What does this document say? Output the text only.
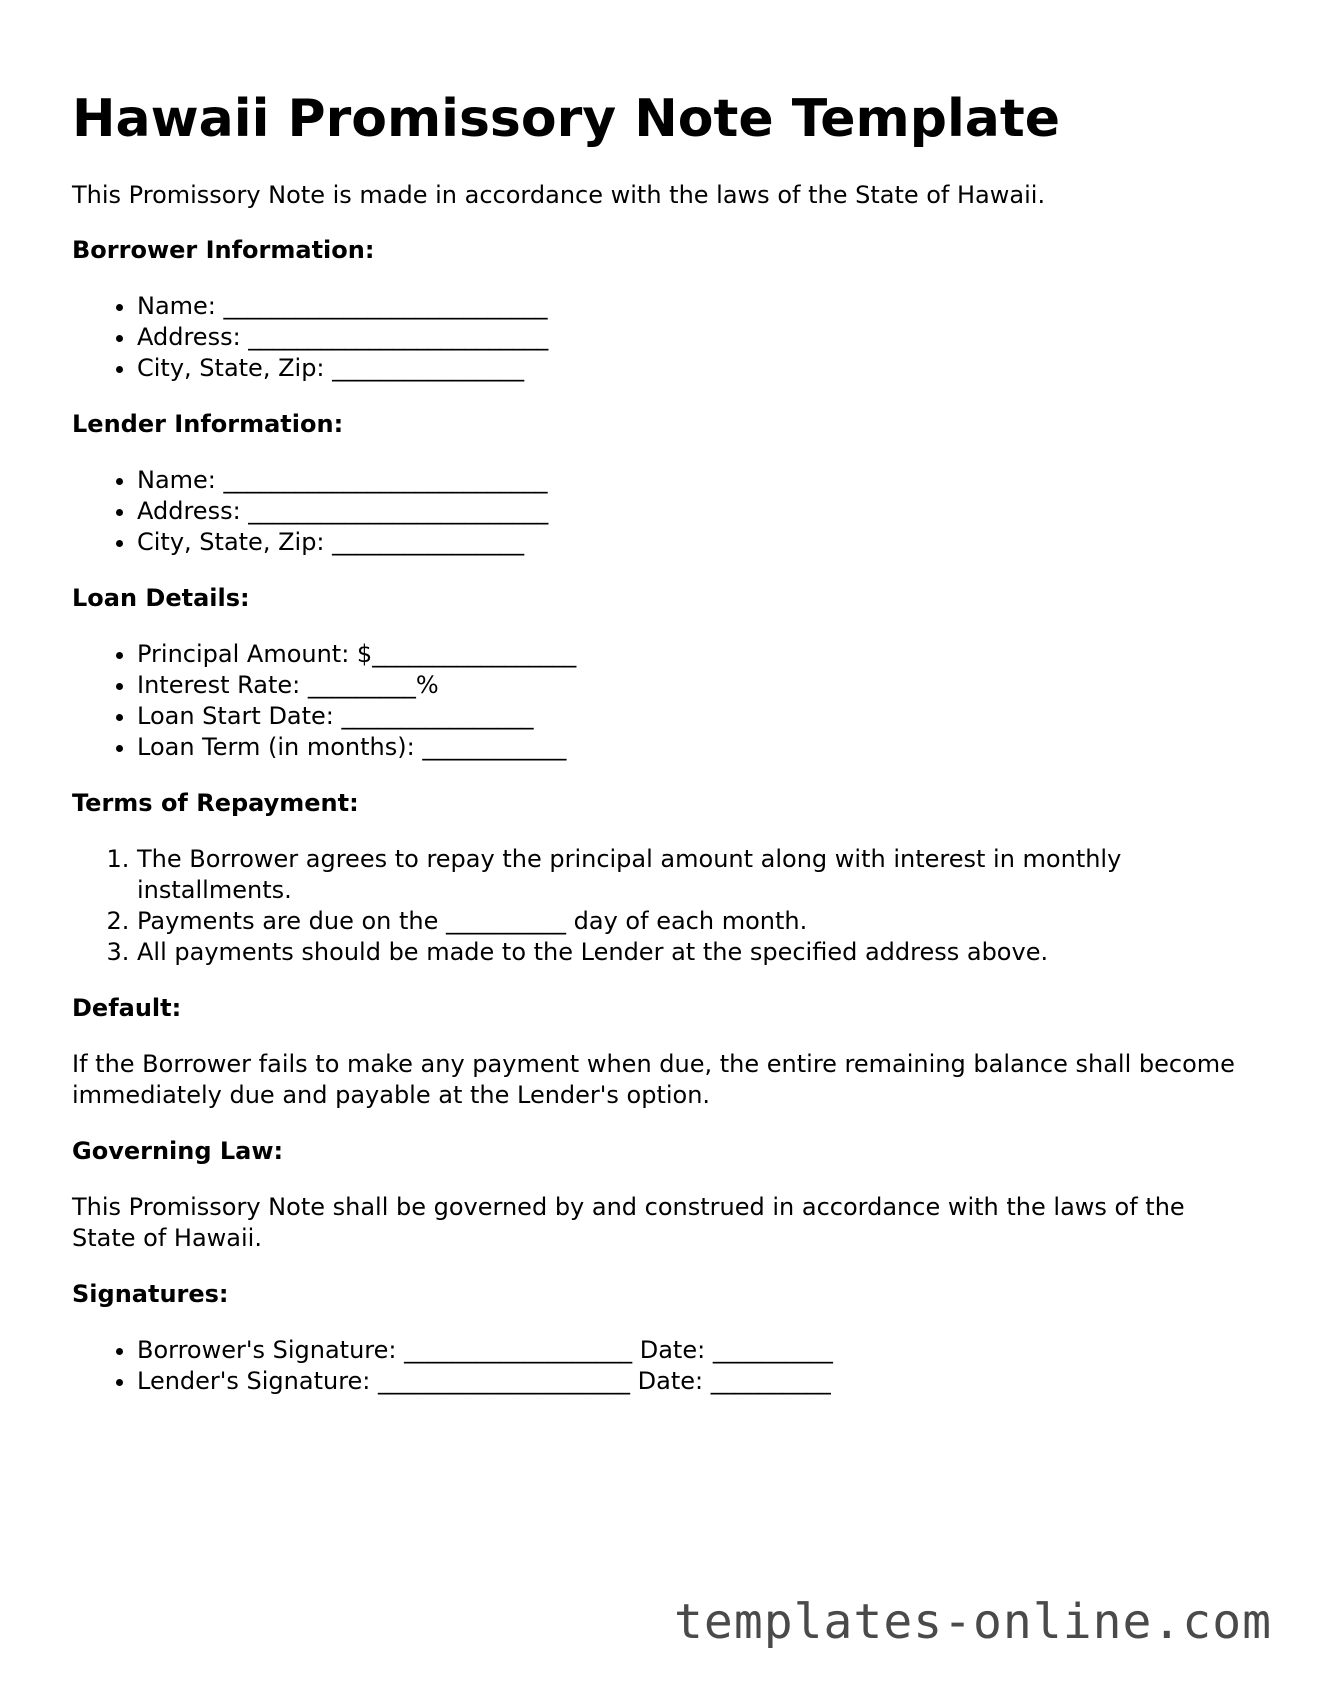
Hawaii Promissory Note Template

This Promissory Note is made in accordance with the laws of the State of Hawaii.

Borrower Information:
• Name: ___________________________
• Address: _________________________
• City, State, Zip: ________________
Lender Information:
• Name: ___________________________
• Address: _________________________
• City, State, Zip: ________________
Loan Details:
• Principal Amount: $_________________
• Interest Rate: _________%
• Loan Start Date: ________________
• Loan Term (in months): ____________
Terms of Repayment:
1. The Borrower agrees to repay the principal amount along with interest in monthly installments.
2. Payments are due on the __________ day of each month.
3. All payments should be made to the Lender at the specified address above.
Default:

If the Borrower fails to make any payment when due, the entire remaining balance shall become immediately due and payable at the Lender's option.

Governing Law:

This Promissory Note shall be governed by and construed in accordance with the laws of the State of Hawaii.

Signatures:
• Borrower's Signature: ___________________ Date: __________
• Lender's Signature: _____________________ Date: __________
templates-online.com
